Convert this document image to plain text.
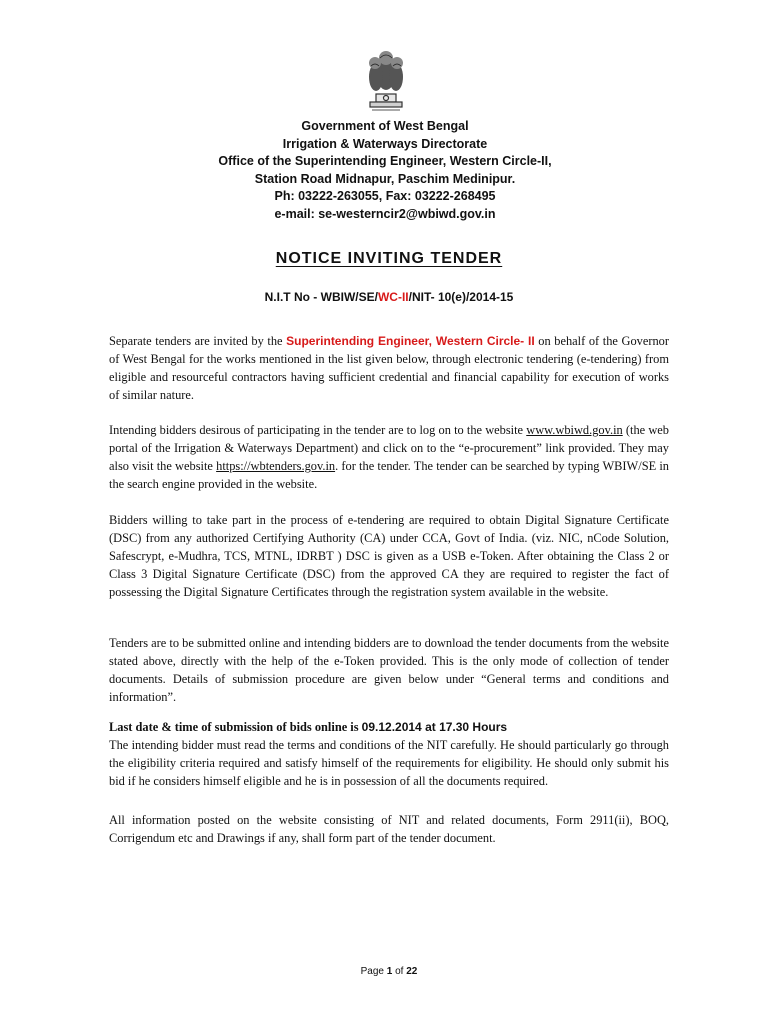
Government of West Bengal
Irrigation & Waterways Directorate
Office of the Superintending Engineer, Western Circle-II,
Station Road Midnapur, Paschim Medinipur.
Ph: 03222-263055, Fax: 03222-268495
e-mail: se-westerncir2@wbiwd.gov.in
NOTICE INVITING TENDER
N.I.T No - WBIW/SE/WC-II/NIT- 10(e)/2014-15
Separate tenders are invited by the Superintending Engineer, Western Circle- II on behalf of the Governor of West Bengal for the works mentioned in the list given below, through electronic tendering (e-tendering) from eligible and resourceful contractors having sufficient credential and financial capability for execution of works of similar nature.
Intending bidders desirous of participating in the tender are to log on to the website www.wbiwd.gov.in (the web portal of the Irrigation & Waterways Department) and click on to the “e-procurement” link provided. They may also visit the website https://wbtenders.gov.in. for the tender. The tender can be searched by typing WBIW/SE in the search engine provided in the website.
Bidders willing to take part in the process of e-tendering are required to obtain Digital Signature Certificate (DSC) from any authorized Certifying Authority (CA) under CCA, Govt of India. (viz. NIC, nCode Solution, Safescrypt, e-Mudhra, TCS, MTNL, IDRBT ) DSC is given as a USB e-Token. After obtaining the Class 2 or Class 3 Digital Signature Certificate (DSC) from the approved CA they are required to register the fact of possessing the Digital Signature Certificates through the registration system available in the website.
Tenders are to be submitted online and intending bidders are to download the tender documents from the website stated above, directly with the help of the e-Token provided. This is the only mode of collection of tender documents. Details of submission procedure are given below under “General terms and conditions and information”.
Last date & time of submission of bids online is 09.12.2014 at 17.30 Hours
The intending bidder must read the terms and conditions of the NIT carefully. He should particularly go through the eligibility criteria required and satisfy himself of the requirements for eligibility. He should only submit his bid if he considers himself eligible and he is in possession of all the documents required.
All information posted on the website consisting of NIT and related documents, Form 2911(ii), BOQ, Corrigendum etc and Drawings if any, shall form part of the tender document.
Page 1 of 22
